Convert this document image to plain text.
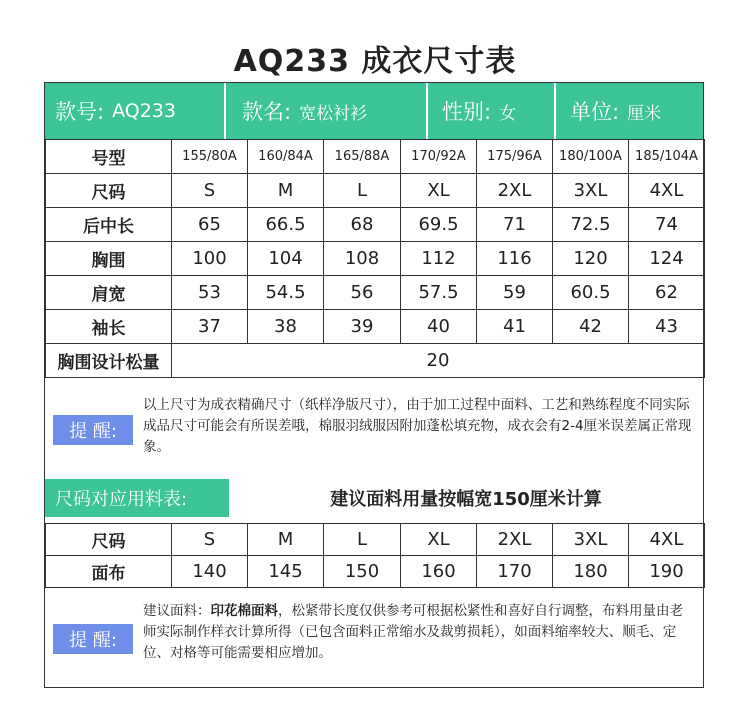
AQ233 成衣尺寸表
款号: AQ233	款名: 宽松衬衫	性别: 女	单位: 厘米
号型	155/80A	160/84A	165/88A	170/92A	175/96A	180/100A	185/104A
尺码	S	M	L	XL	2XL	3XL	4XL
后中长	65	66.5	68	69.5	71	72.5	74
胸围	100	104	108	112	116	120	124
肩宽	53	54.5	56	57.5	59	60.5	62
袖长	37	38	39	40	41	42	43
胸围设计松量	20						
提 醒:
以上尺寸为成衣精确尺寸（纸样净版尺寸），由于加工过程中面料、工艺和熟练程度不同实际成品尺寸可能会有所误差哦，棉服羽绒服因附加蓬松填充物，成衣会有2-4厘米误差属正常现象。
尺码对应用料表:	建议面料用量按幅宽150厘米计算
尺码	S	M	L	XL	2XL	3XL	4XL
面布	140	145	150	160	170	180	190
提 醒:
建议面料：印花棉面料，松紧带长度仅供参考可根据松紧性和喜好自行调整，布料用量由老师实际制作样衣计算所得（已包含面料正常缩水及裁剪损耗），如面料缩率较大、顺毛、定位、对格等可能需要相应增加。
